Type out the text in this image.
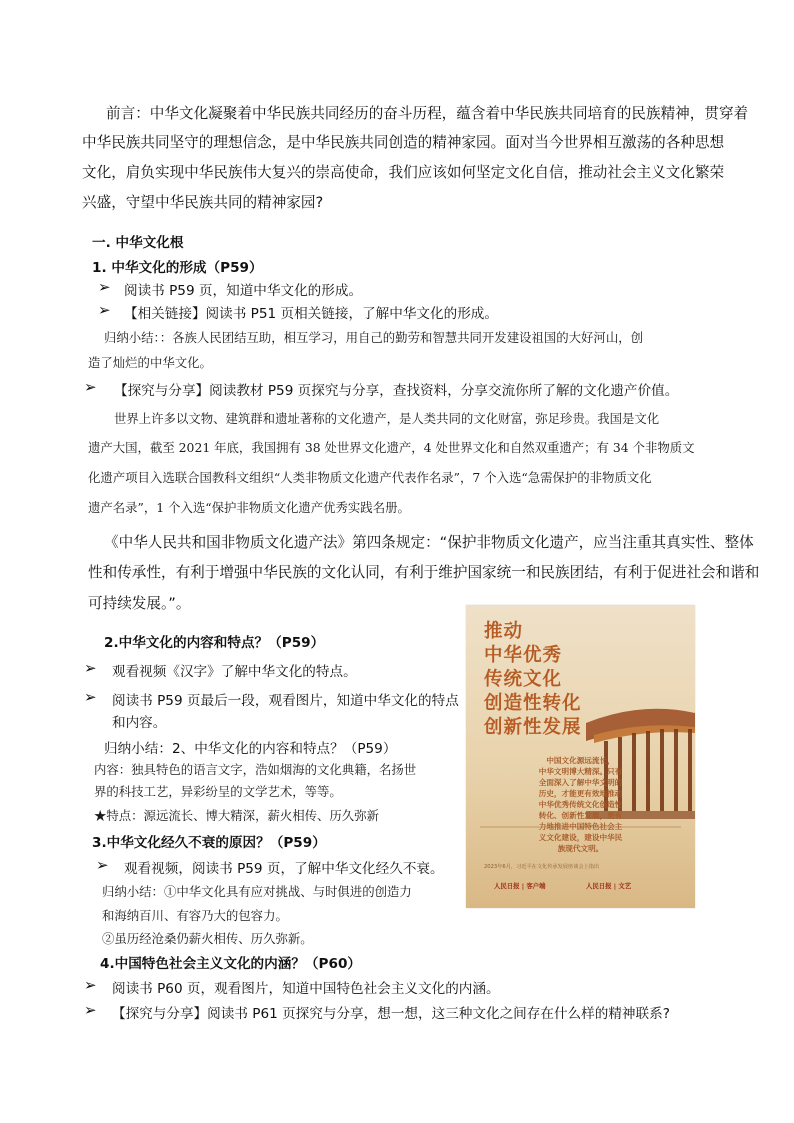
前言：中华文化凝聚着中华民族共同经历的奋斗历程，蕴含着中华民族共同培育的民族精神，贯穿着

中华民族共同坚守的理想信念，是中华民族共同创造的精神家园。面对当今世界相互激荡的各种思想

文化，肩负实现中华民族伟大复兴的崇高使命，我们应该如何坚定文化自信，推动社会主义文化繁荣

兴盛，守望中华民族共同的精神家园?

一. 中华文化根

1. 中华文化的形成（P59）

➢ 阅读书 P59 页，知道中华文化的形成。

➢ 【相关链接】阅读书 P51 页相关链接，了解中华文化的形成。

归纳小结：：各族人民团结互助，相互学习，用自己的勤劳和智慧共同开发建设祖国的大好河山，创

造了灿烂的中华文化。

➢ 【探究与分享】阅读教材 P59 页探究与分享，查找资料，分享交流你所了解的文化遗产价值。

世界上许多以文物、建筑群和遗址著称的文化遗产，是人类共同的文化财富，弥足珍贵。我国是文化

遗产大国，截至 2021 年底，我国拥有 38 处世界文化遗产，4 处世界文化和自然双重遗产；有 34 个非物质文

化遗产项目入选联合国教科文组织“人类非物质文化遗产代表作名录”，7 个入选“急需保护的非物质文化

遗产名录”，1 个入选“保护非物质文化遗产优秀实践名册。

《中华人民共和国非物质文化遗产法》第四条规定：“保护非物质文化遗产，应当注重其真实性、整体

性和传承性，有利于增强中华民族的文化认同，有利于维护国家统一和民族团结，有利于促进社会和谐和

可持续发展。”。

2.中华文化的内容和特点？（P59）

➢ 观看视频《汉字》了解中华文化的特点。

➢ 阅读书 P59 页最后一段，观看图片，知道中华文化的特点

和内容。

归纳小结：2、中华文化的内容和特点？（P59）

内容：独具特色的语言文字，浩如烟海的文化典籍，名扬世

界的科技工艺，异彩纷呈的文学艺术，等等。

★特点：源远流长、博大精深，薪火相传、历久弥新

3.中华文化经久不衰的原因？（P59）

➢ 观看视频，阅读书 P59 页，了解中华文化经久不衰。

归纳小结：①中华文化具有应对挑战、与时俱进的创造力

和海纳百川、有容乃大的包容力。

②虽历经沧桑仍薪火相传、历久弥新。

4.中国特色社会主义文化的内涵？（P60）

➢ 阅读书 P60 页，观看图片，知道中国特色社会主义文化的内涵。

➢ 【探究与分享】阅读书 P61 页探究与分享，想一想，这三种文化之间存在什么样的精神联系?

推动
中华优秀
传统文化
创造性转化
创新性发展
中国文化源远流长，
中华文明博大精深。只有
全面深入了解中华文明的
历史，才能更有效地推动
中华优秀传统文化创造性
转化、创新性发展，更有
力地推进中国特色社会主
义文化建设，建设中华民
族现代文明。
2023年6月，习近平在文化传承发展座谈会上指出
人民日报 | 客户端	人民日报 | 文艺
